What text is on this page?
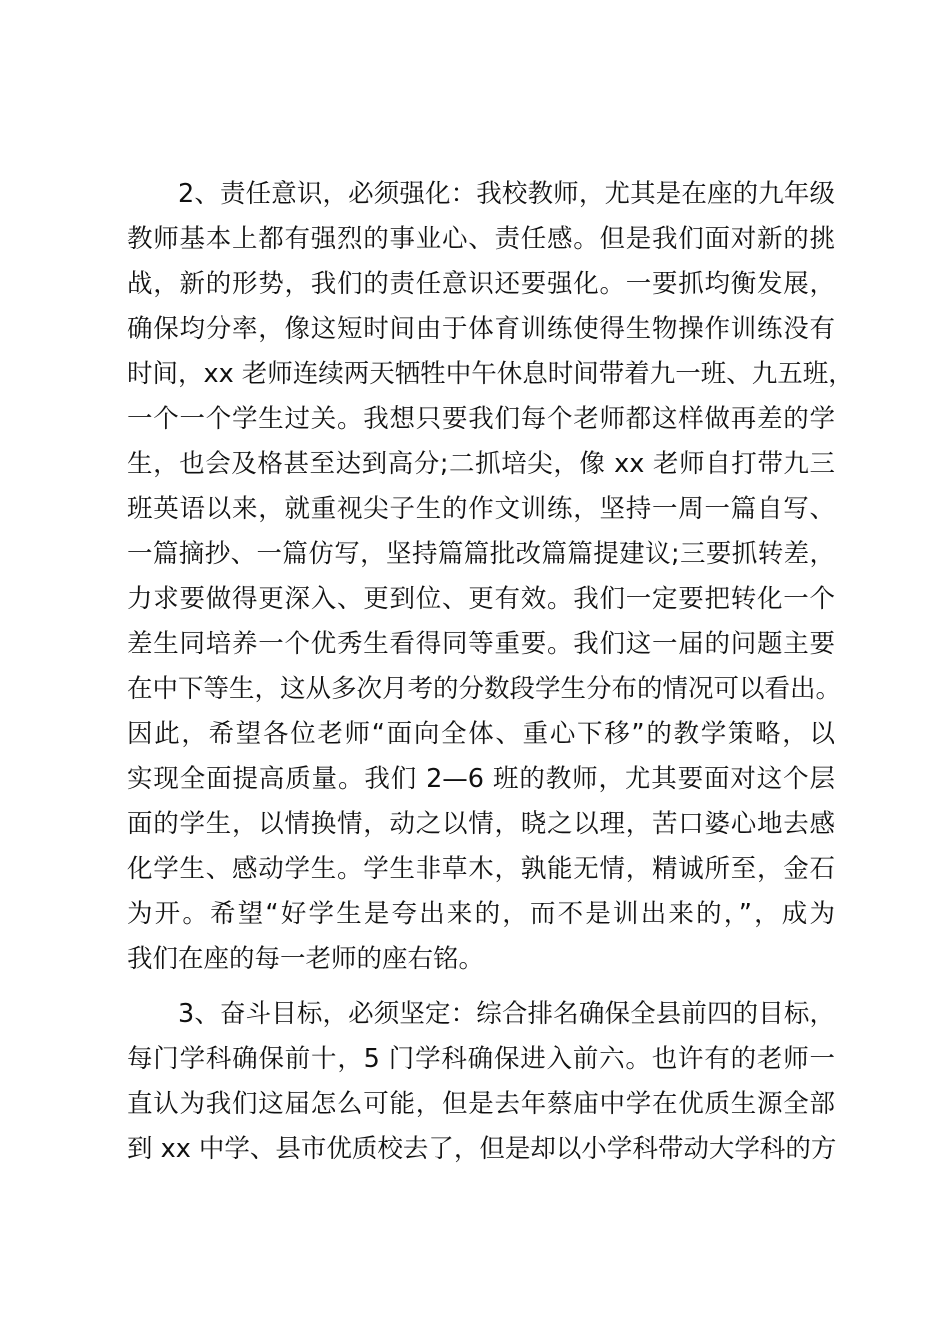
2、责任意识，必须强化：我校教师，尤其是在座的九年级
教师基本上都有强烈的事业心、责任感。但是我们面对新的挑
战，新的形势，我们的责任意识还要强化。一要抓均衡发展，
确保均分率，像这短时间由于体育训练使得生物操作训练没有
时间，xx 老师连续两天牺牲中午休息时间带着九一班、九五班，
一个一个学生过关。我想只要我们每个老师都这样做再差的学
生，也会及格甚至达到高分;二抓培尖，像 xx 老师自打带九三
班英语以来，就重视尖子生的作文训练，坚持一周一篇自写、
一篇摘抄、一篇仿写，坚持篇篇批改篇篇提建议;三要抓转差，
力求要做得更深入、更到位、更有效。我们一定要把转化一个
差生同培养一个优秀生看得同等重要。我们这一届的问题主要
在中下等生，这从多次月考的分数段学生分布的情况可以看出。
因此，希望各位老师“面向全体、重心下移”的教学策略，以
实现全面提高质量。我们 2—6 班的教师，尤其要面对这个层
面的学生，以情换情，动之以情，晓之以理，苦口婆心地去感
化学生、感动学生。学生非草木，孰能无情，精诚所至，金石
为开。希望“好学生是夸出来的，而不是训出来的，”，成为
我们在座的每一老师的座右铭。
3、奋斗目标，必须坚定：综合排名确保全县前四的目标，
每门学科确保前十，5 门学科确保进入前六。也许有的老师一
直认为我们这届怎么可能，但是去年蔡庙中学在优质生源全部
到 xx 中学、县市优质校去了，但是却以小学科带动大学科的方
